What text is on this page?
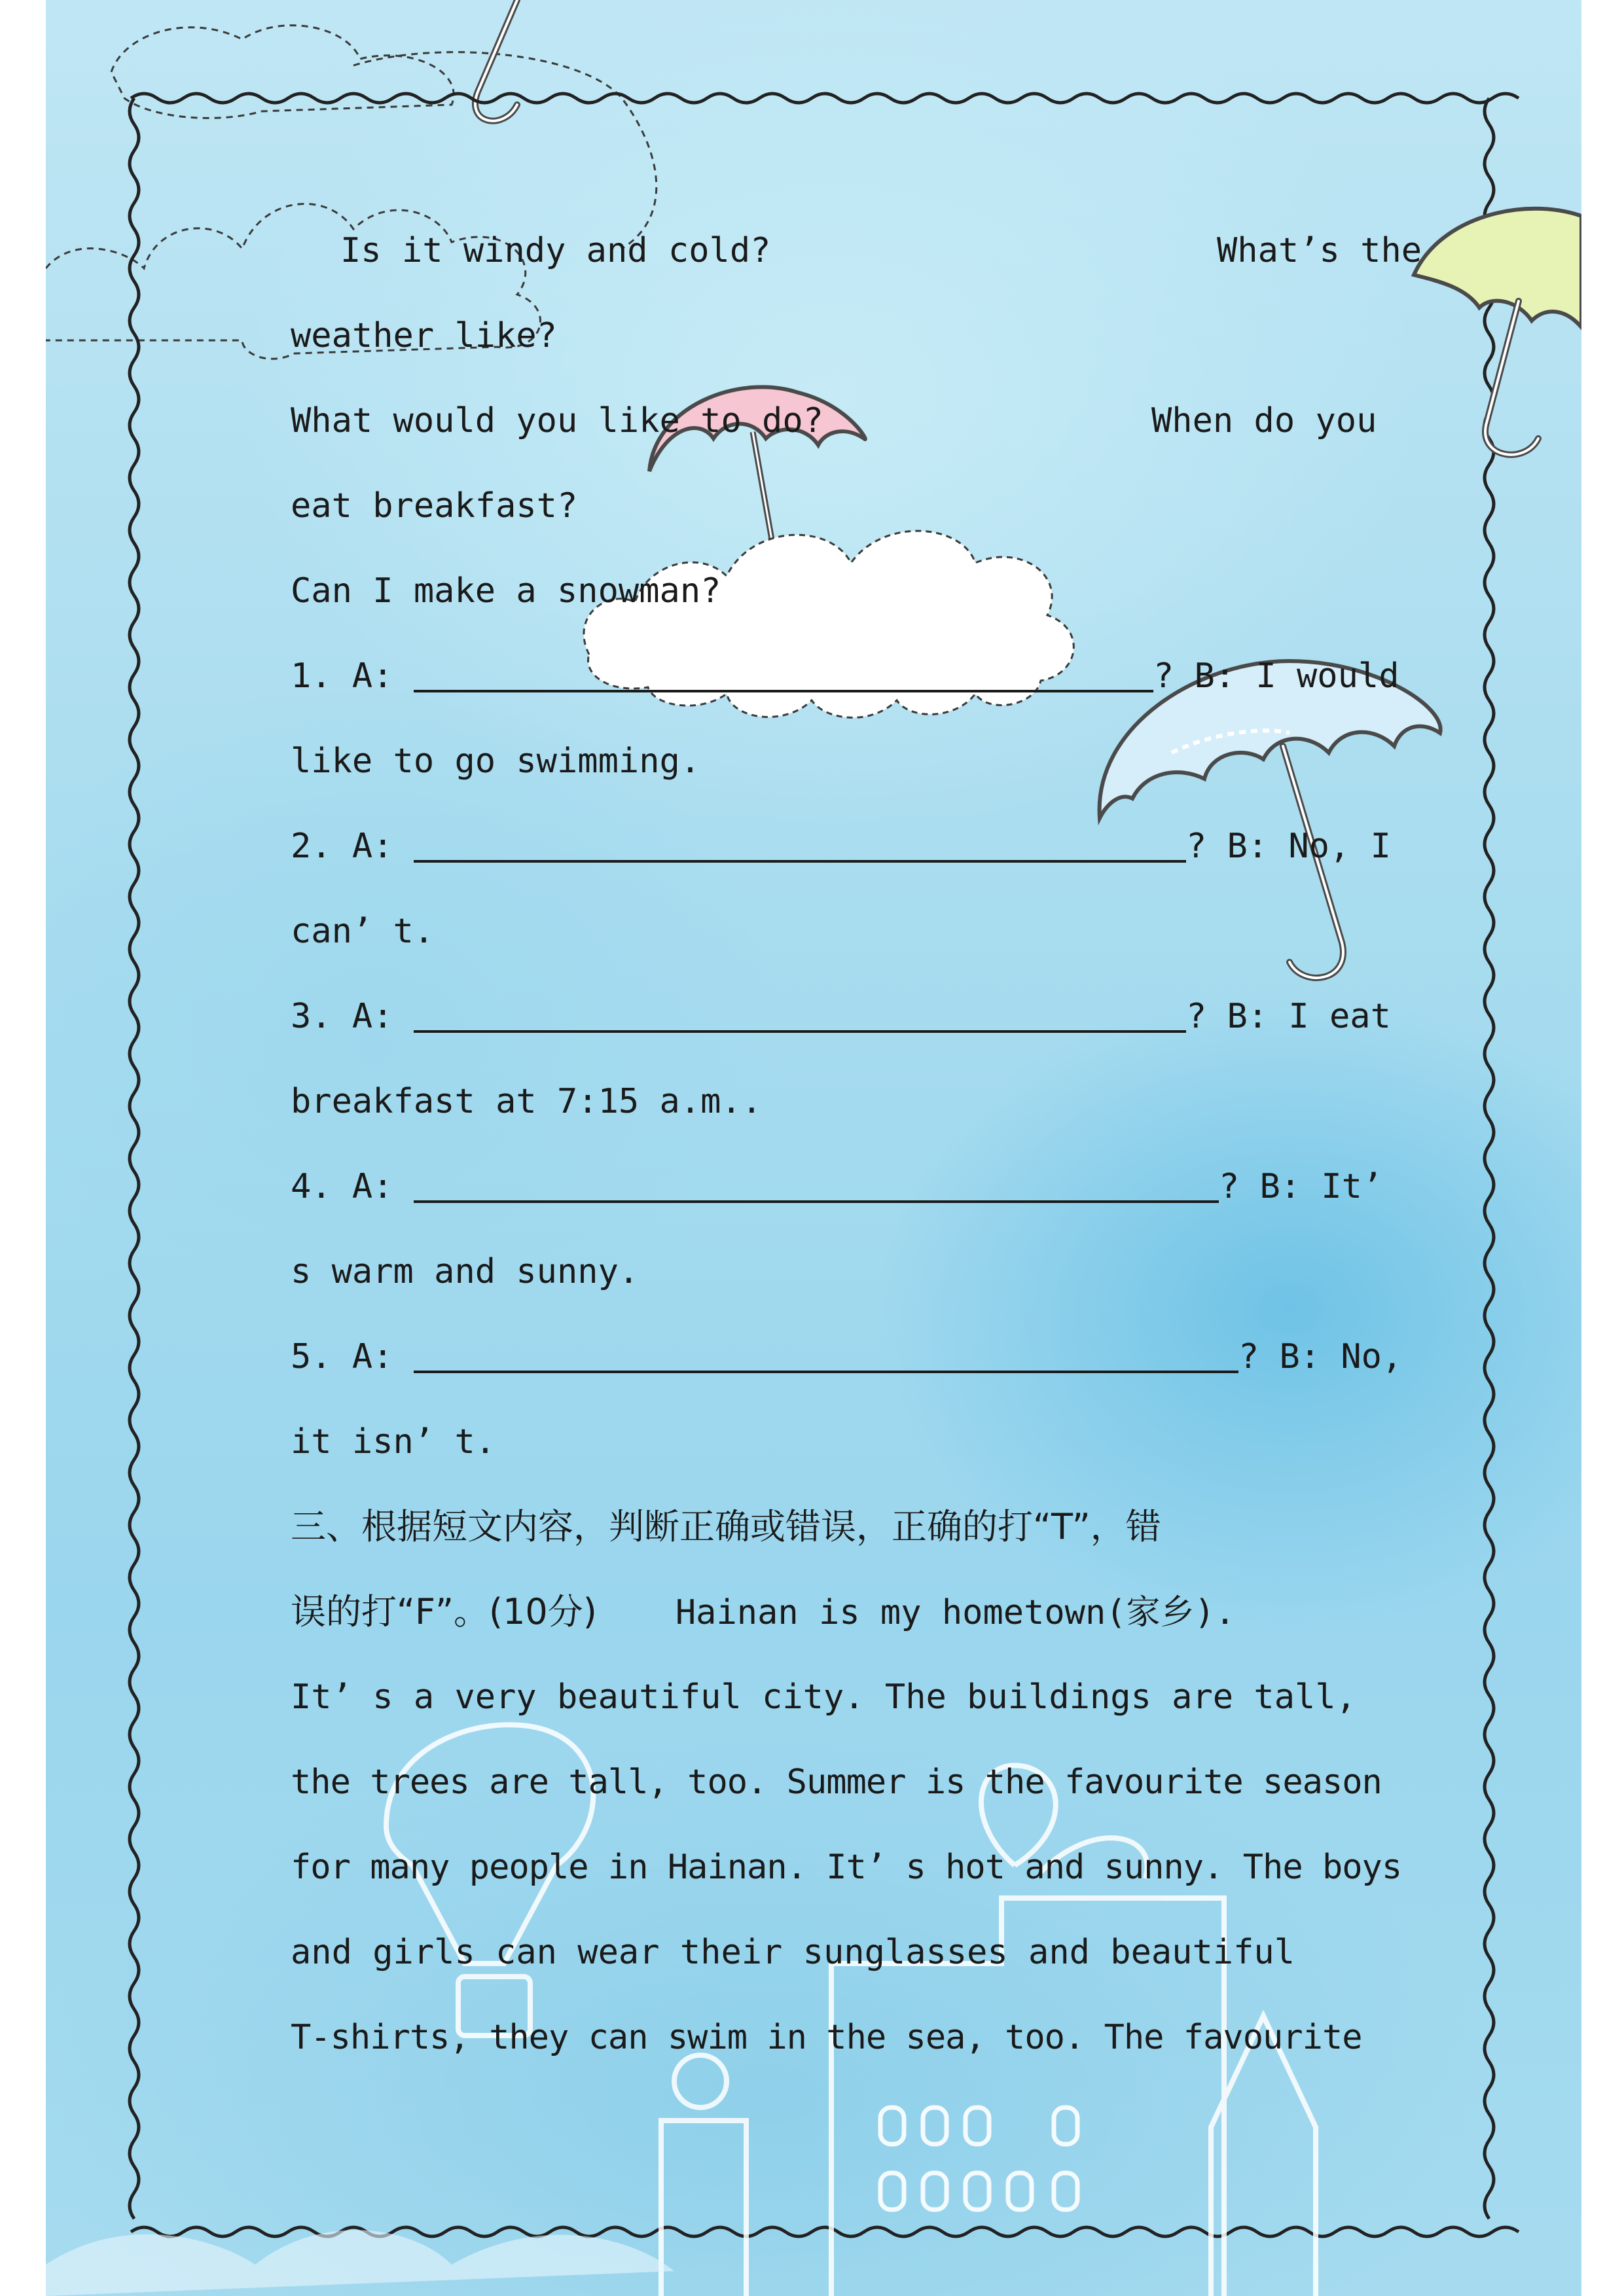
Is it windy and cold?	What’s the
weather like?
What would you like to do?	When do you
eat breakfast?
Can I make a snowman?
1. A:	? B: I would
like to go swimming.
2. A:	? B: No, I
can’ t.
3. A:	? B: I eat
breakfast at 7:15 a.m..
4. A:	? B: It’
s warm and sunny.
5. A:	? B: No,
it isn’ t.
三、根据短文内容，判断正确或错误，正确的打“T”，错
误的打“F”。(10分) Hainan is my hometown(家乡).
It’ s a very beautiful city. The buildings are tall,
the trees are tall, too. Summer is the favourite season
for many people in Hainan. It’ s hot and sunny. The boys
and girls can wear their sunglasses and beautiful
T-shirts, they can swim in the sea, too. The favourite
